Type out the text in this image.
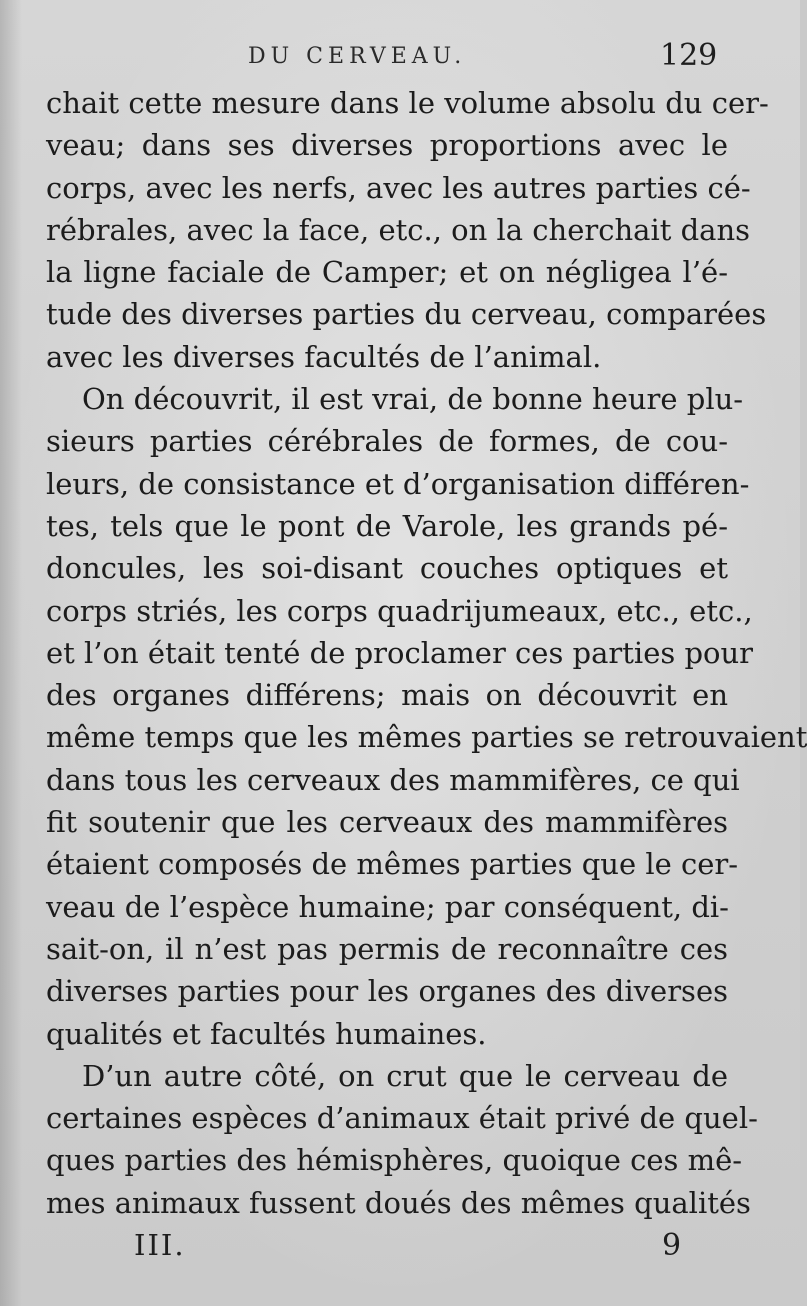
DU CERVEAU.	129
chait cette mesure dans le volume absolu du cer-
veau; dans ses diverses proportions avec le
corps, avec les nerfs, avec les autres parties cé-
rébrales, avec la face, etc., on la cherchait dans
la ligne faciale de Camper; et on négligea l’é-
tude des diverses parties du cerveau, comparées
avec les diverses facultés de l’animal.
On découvrit, il est vrai, de bonne heure plu-
sieurs parties cérébrales de formes, de cou-
leurs, de consistance et d’organisation différen-
tes, tels que le pont de Varole, les grands pé-
doncules, les soi-disant couches optiques et
corps striés, les corps quadrijumeaux, etc., etc.,
et l’on était tenté de proclamer ces parties pour
des organes différens; mais on découvrit en
même temps que les mêmes parties se retrouvaient
dans tous les cerveaux des mammifères, ce qui
fit soutenir que les cerveaux des mammifères
étaient composés de mêmes parties que le cer-
veau de l’espèce humaine; par conséquent, di-
sait-on, il n’est pas permis de reconnaître ces
diverses parties pour les organes des diverses
qualités et facultés humaines.
D’un autre côté, on crut que le cerveau de
certaines espèces d’animaux était privé de quel-
ques parties des hémisphères, quoique ces mê-
mes animaux fussent doués des mêmes qualités
III.	9
